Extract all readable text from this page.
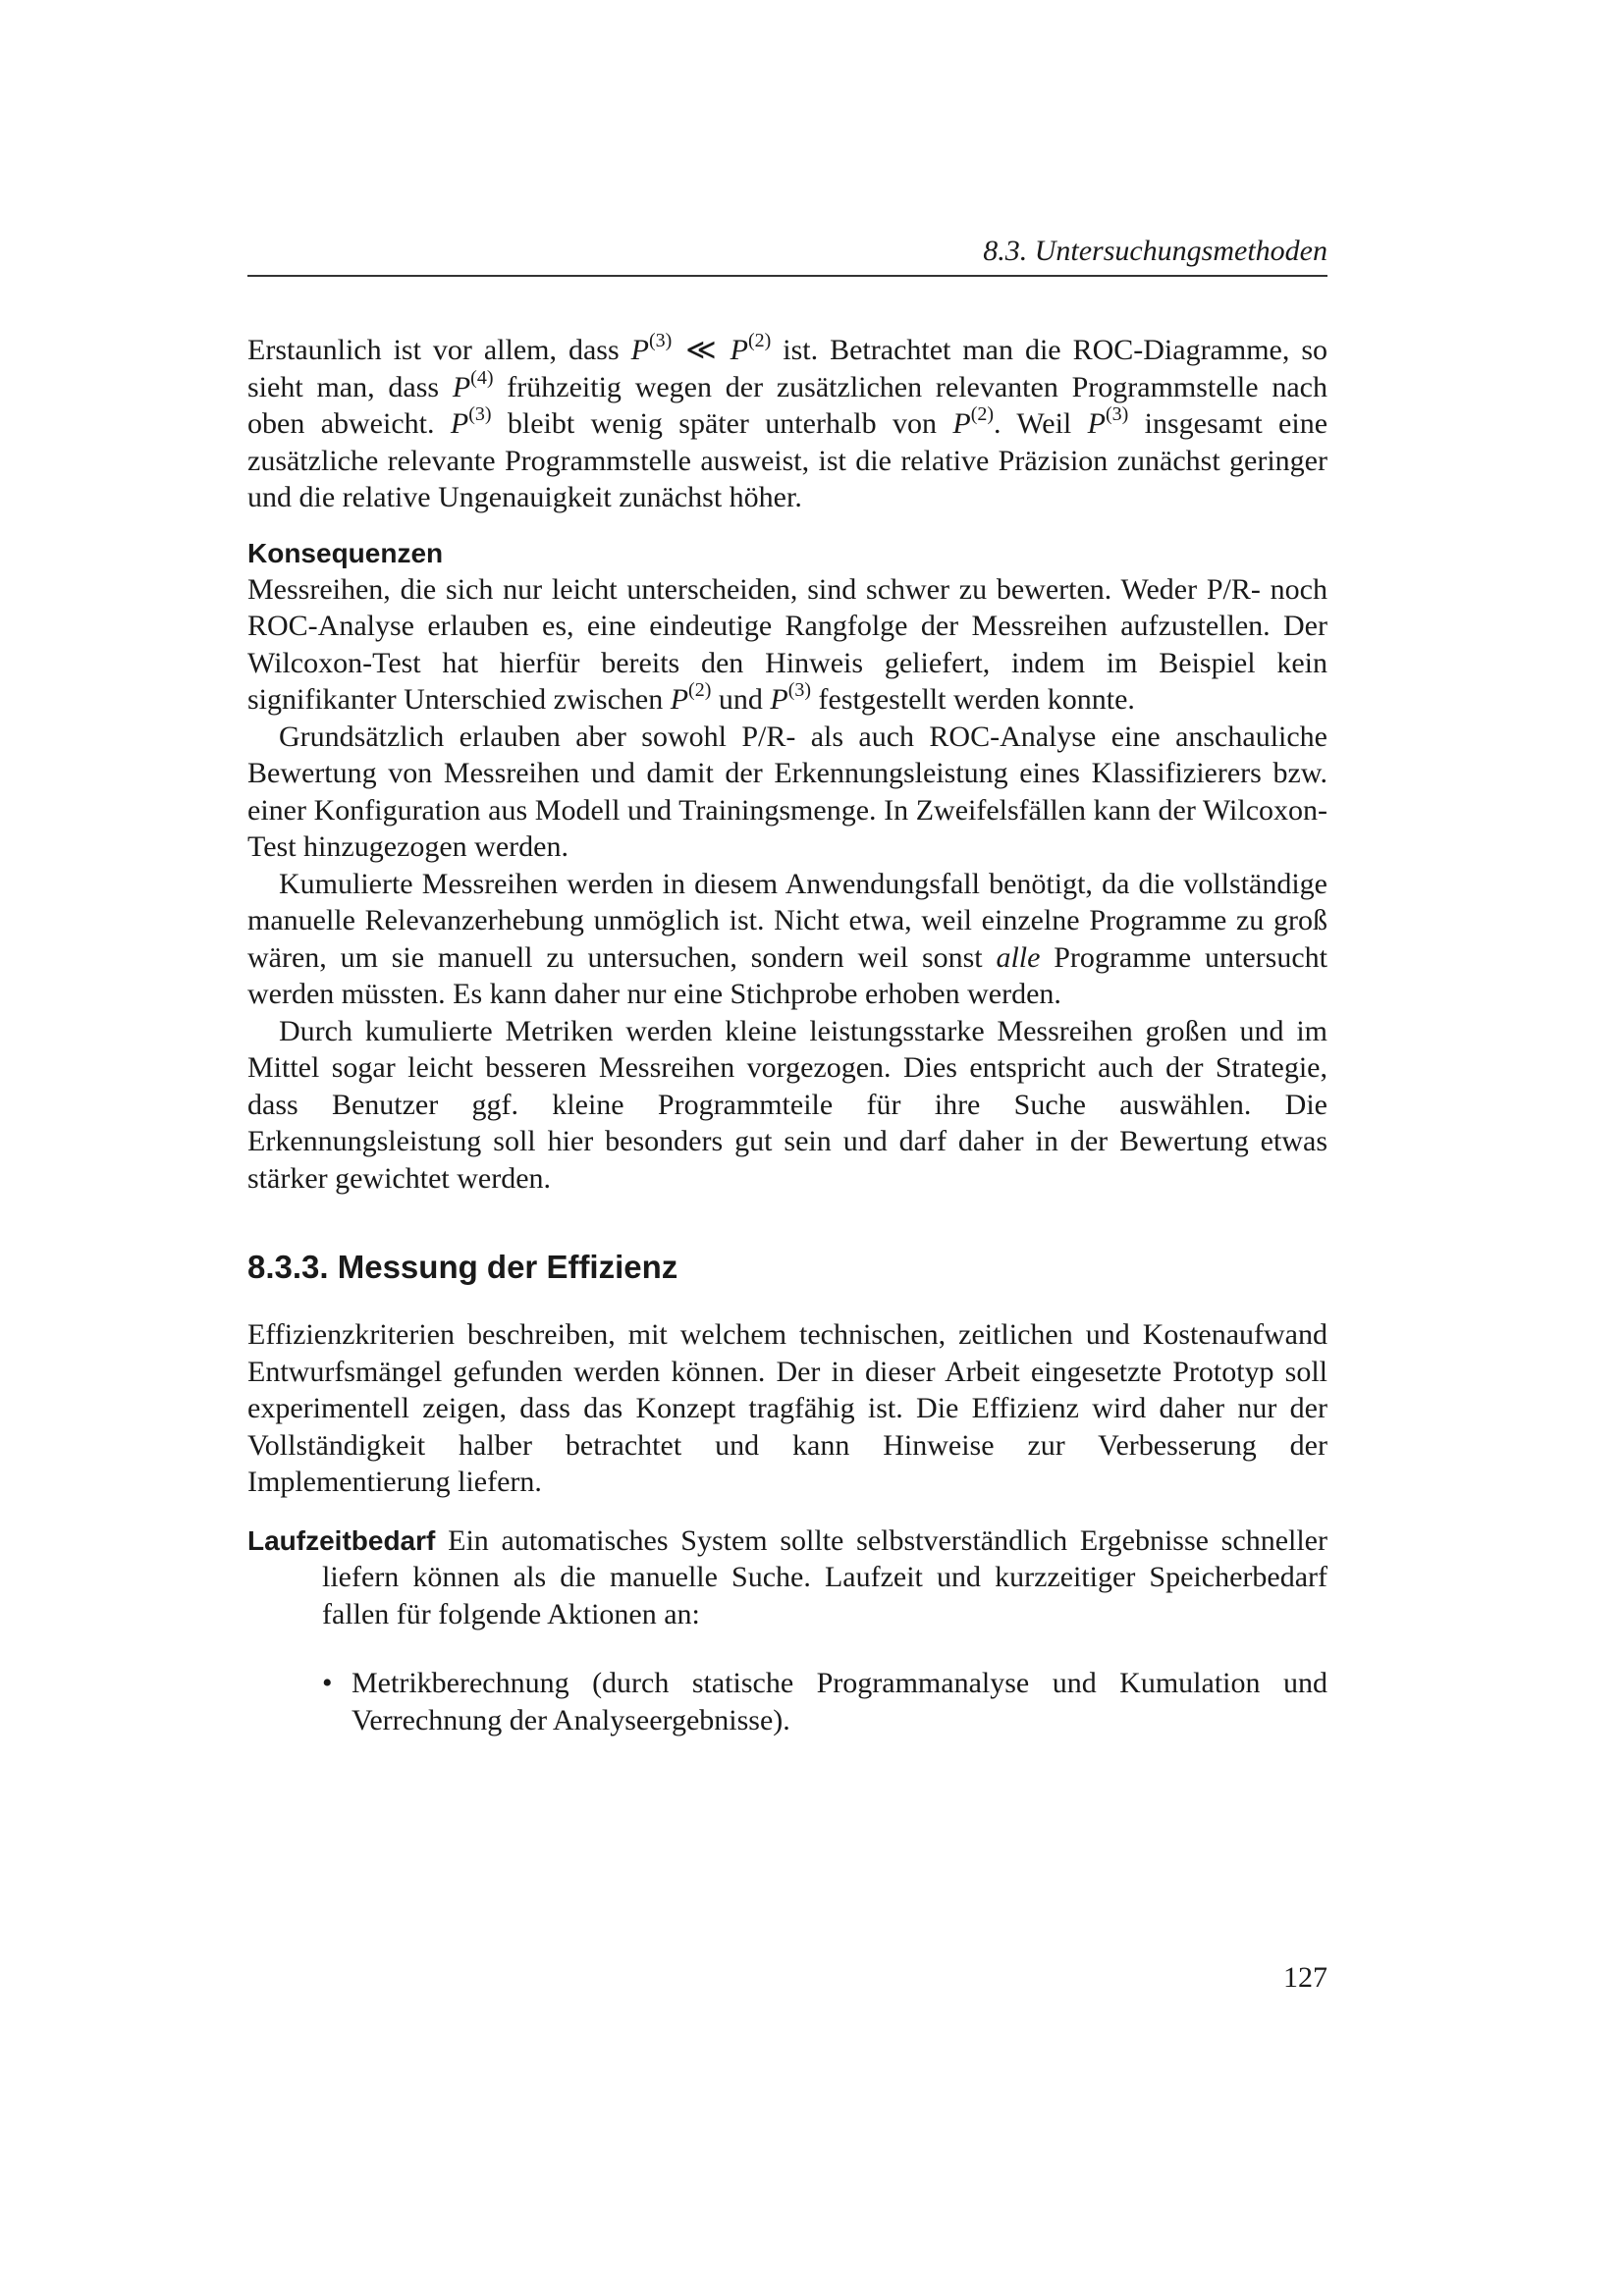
8.3. Untersuchungsmethoden

Erstaunlich ist vor allem, dass $P^{(3)}$ ≪ $P^{(2)}$ ist. Betrachtet man die ROC-Diagramme, so sieht man, dass $P^{(4)}$ frühzeitig wegen der zusätzlichen relevanten Programmstelle nach oben abweicht. $P^{(3)}$ bleibt wenig später unterhalb von $P^{(2)}$. Weil $P^{(3)}$ insgesamt eine zusätzliche relevante Programmstelle ausweist, ist die relative Präzision zunächst geringer und die relative Ungenauigkeit zunächst höher.

Konsequenzen

Messreihen, die sich nur leicht unterscheiden, sind schwer zu bewerten. Weder P/R- noch ROC-Analyse erlauben es, eine eindeutige Rangfolge der Messreihen aufzustellen. Der Wilcoxon-Test hat hierfür bereits den Hinweis geliefert, indem im Beispiel kein signifikanter Unterschied zwischen $P^{(2)}$ und $P^{(3)}$ festgestellt werden konnte.

Grundsätzlich erlauben aber sowohl P/R- als auch ROC-Analyse eine anschauliche Bewertung von Messreihen und damit der Erkennungsleistung eines Klassifizierers bzw. einer Konfiguration aus Modell und Trainingsmenge. In Zweifelsfällen kann der Wilcoxon-Test hinzugezogen werden.

Kumulierte Messreihen werden in diesem Anwendungsfall benötigt, da die vollständige manuelle Relevanzerhebung unmöglich ist. Nicht etwa, weil einzelne Programme zu groß wären, um sie manuell zu untersuchen, sondern weil sonst alle Programme untersucht werden müssten. Es kann daher nur eine Stichprobe erhoben werden.

Durch kumulierte Metriken werden kleine leistungsstarke Messreihen großen und im Mittel sogar leicht besseren Messreihen vorgezogen. Dies entspricht auch der Strategie, dass Benutzer ggf. kleine Programmteile für ihre Suche auswählen. Die Erkennungsleistung soll hier besonders gut sein und darf daher in der Bewertung etwas stärker gewichtet werden.

8.3.3. Messung der Effizienz

Effizienzkriterien beschreiben, mit welchem technischen, zeitlichen und Kostenaufwand Entwurfsmängel gefunden werden können. Der in dieser Arbeit eingesetzte Prototyp soll experimentell zeigen, dass das Konzept tragfähig ist. Die Effizienz wird daher nur der Vollständigkeit halber betrachtet und kann Hinweise zur Verbesserung der Implementierung liefern.

Laufzeitbedarf Ein automatisches System sollte selbstverständlich Ergebnisse schneller liefern können als die manuelle Suche. Laufzeit und kurzzeitiger Speicherbedarf fallen für folgende Aktionen an:

• Metrikberechnung (durch statische Programmanalyse und Kumulation und Verrechnung der Analyseergebnisse).
127
